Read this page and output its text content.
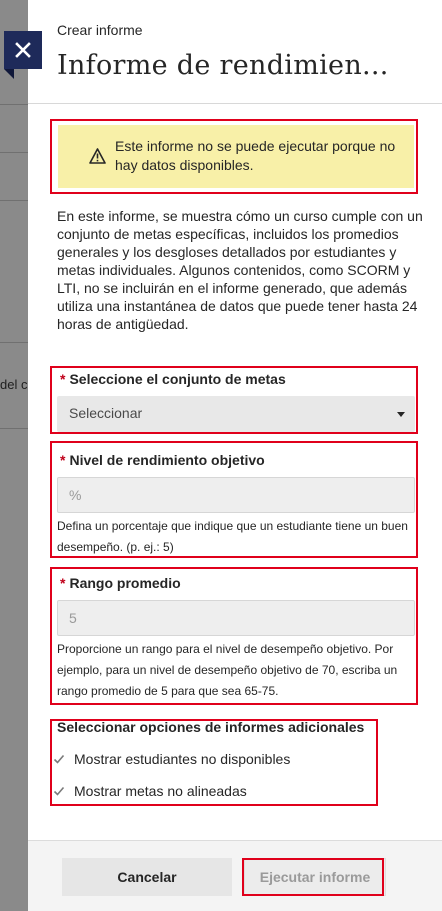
del c
Crear informe
Informe de rendimien...
Este informe no se puede ejecutar porque no hay datos disponibles.
En este informe, se muestra cómo un curso cumple con un conjunto de metas específicas, incluidos los promedios generales y los desgloses detallados por estudiantes y metas individuales. Algunos contenidos, como SCORM y LTI, no se incluirán en el informe generado, que además utiliza una instantánea de datos que puede tener hasta 24 horas de antigüedad.
* Seleccione el conjunto de metas
Seleccionar
* Nivel de rendimiento objetivo
%
Defina un porcentaje que indique que un estudiante tiene un buen desempeño. (p. ej.: 5)
* Rango promedio
5
Proporcione un rango para el nivel de desempeño objetivo. Por ejemplo, para un nivel de desempeño objetivo de 70, escriba un rango promedio de 5 para que sea 65-75.
Seleccionar opciones de informes adicionales
Mostrar estudiantes no disponibles
Mostrar metas no alineadas
Cancelar	Ejecutar informe
